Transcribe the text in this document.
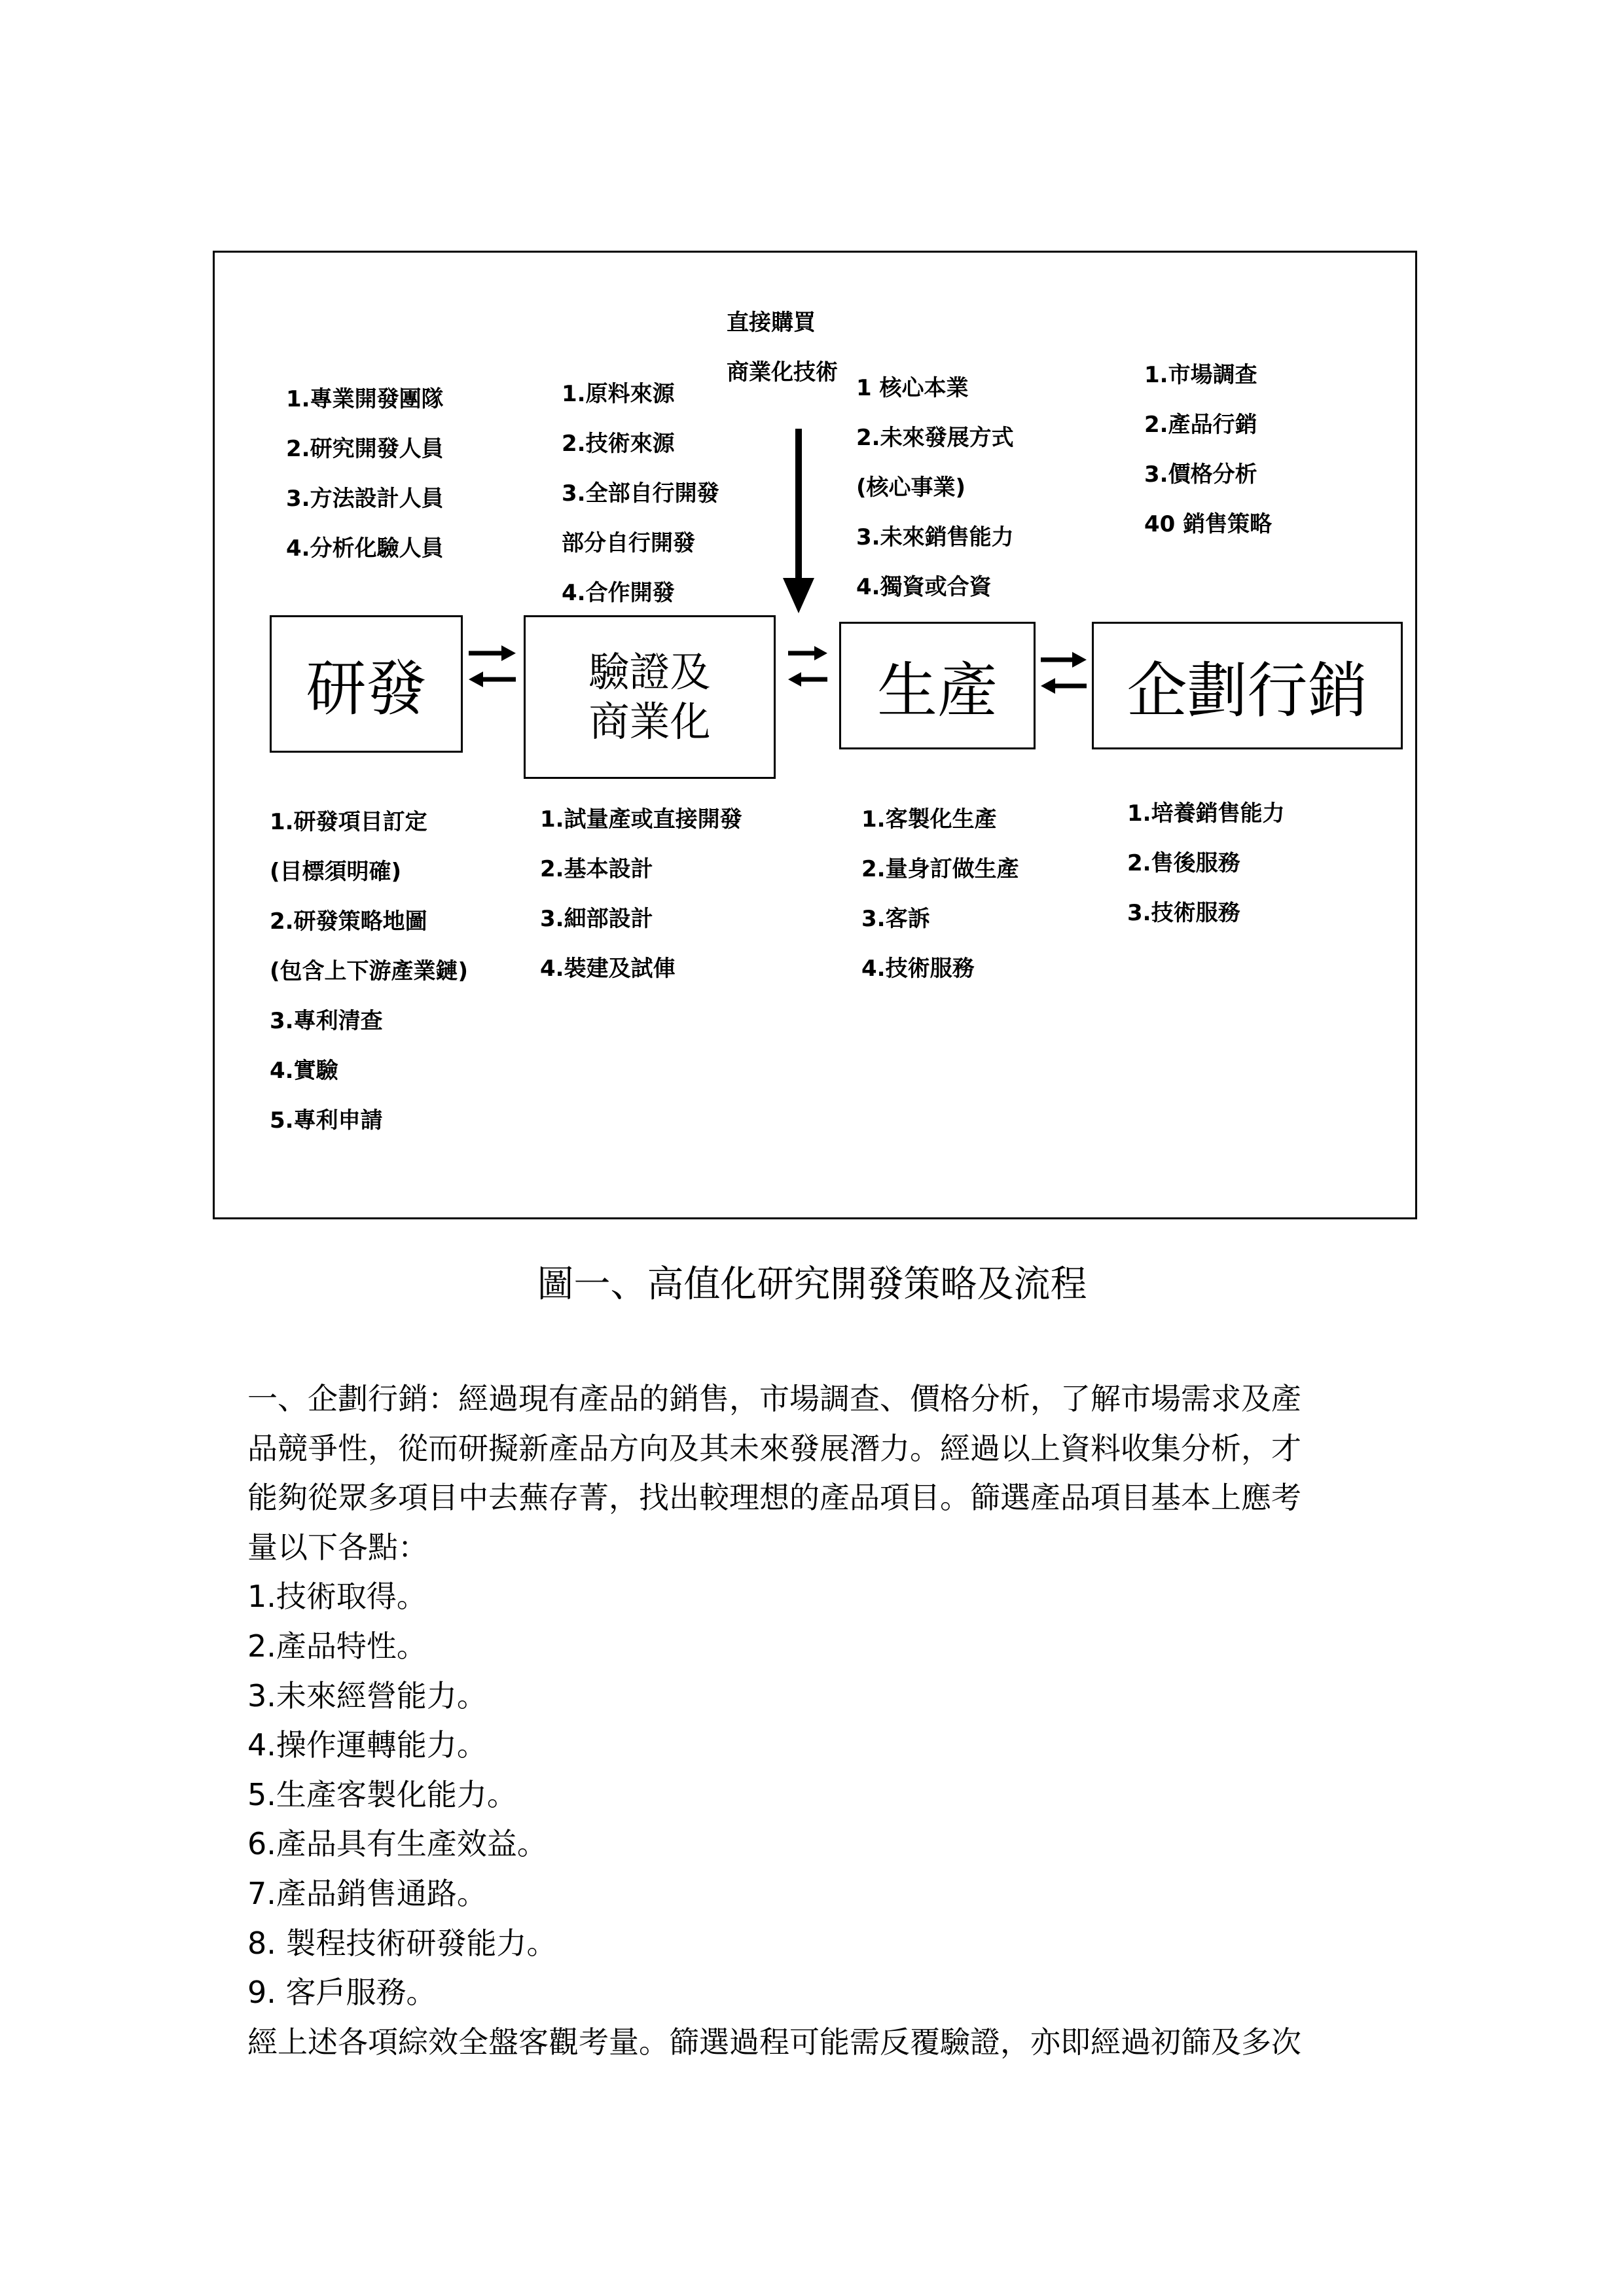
直接購買
商業化技術
1.專業開發團隊
2.研究開發人員
3.方法設計人員
4.分析化驗人員
1.原料來源
2.技術來源
3.全部自行開發
部分自行開發
4.合作開發
1 核心本業
2.未來發展方式
(核心事業)
3.未來銷售能力
4.獨資或合資
1.市場調查
2.產品行銷
3.價格分析
40 銷售策略
研發	驗證及
商業化	生產 企劃行銷
1.研發項目訂定
(目標須明確)
2.研發策略地圖
(包含上下游產業鏈)
3.專利清查
4.實驗
5.專利申請
1.試量產或直接開發
2.基本設計
3.細部設計
4.裝建及試俥
1.客製化生產
2.量身訂做生產
3.客訴
4.技術服務
1.培養銷售能力
2.售後服務
3.技術服務
圖一、高值化研究開發策略及流程

一、企劃行銷：經過現有產品的銷售，市場調查、價格分析，了解市場需求及產

品競爭性，從而研擬新產品方向及其未來發展潛力。經過以上資料收集分析，才

能夠從眾多項目中去蕪存菁，找出較理想的產品項目。篩選產品項目基本上應考

量以下各點：

1.技術取得。

2.產品特性。

3.未來經營能力。

4.操作運轉能力。

5.生產客製化能力。

6.產品具有生產效益。

7.產品銷售通路。

8. 製程技術研發能力。

9. 客戶服務。

經上述各項綜效全盤客觀考量。篩選過程可能需反覆驗證，亦即經過初篩及多次
